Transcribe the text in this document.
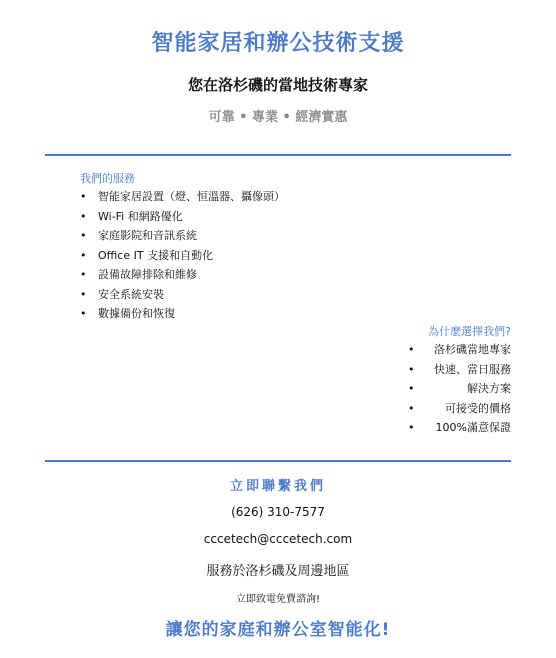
智能家居和辦公技術支援
您在洛杉磯的當地技術專家
可靠 • 專業 • 經濟實惠
我們的服務
• 智能家居設置（燈、恒溫器、攝像頭）
• Wi-Fi 和網路優化
• 家庭影院和音訊系統
• Office IT 支援和自動化
• 設備故障排除和維修
• 安全系統安裝
• 數據備份和恢復
為什麼選擇我們?
• 洛杉磯當地專家
• 快速、當日服務
•	解決方案
•	可接受的價格
• 100%滿意保證
立即聯繫我們
(626) 310-7577
cccetech@cccetech.com
服務於洛杉磯及周邊地區
立即致電免費諮詢!
讓您的家庭和辦公室智能化!
